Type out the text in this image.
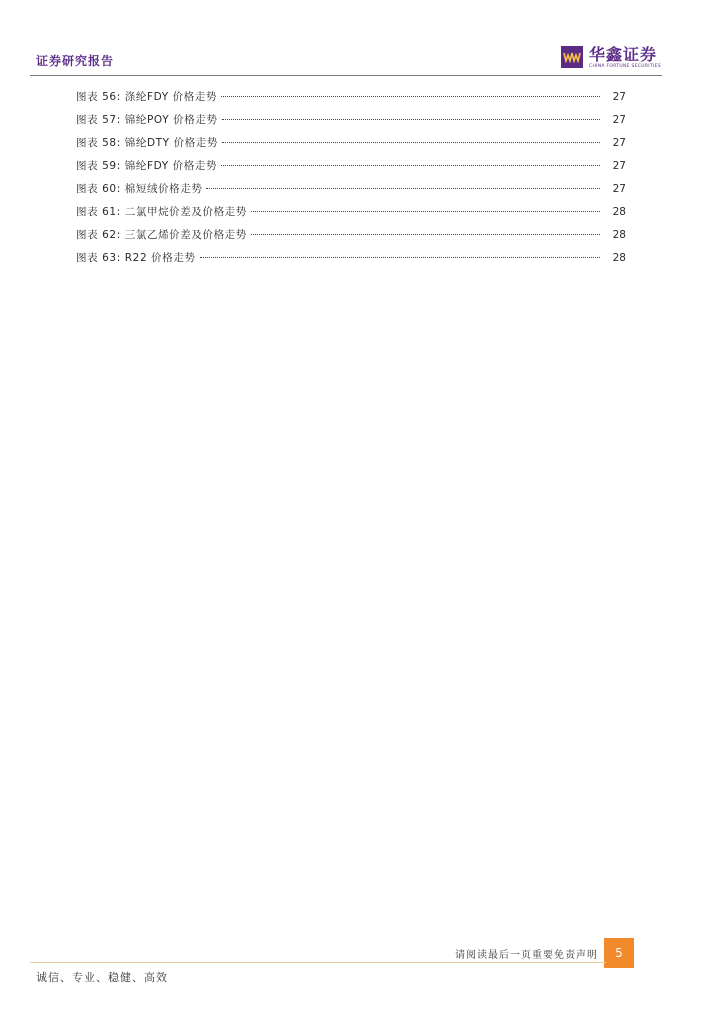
证券研究报告	华鑫证券
CHINA FORTUNE SECURITIES
图表 56: 涤纶FDY 价格走势	27
图表 57: 锦纶POY 价格走势	27
图表 58: 锦纶DTY 价格走势	27
图表 59: 锦纶FDY 价格走势	27
图表 60: 棉短绒价格走势	27
图表 61: 二氯甲烷价差及价格走势	28
图表 62: 三氯乙烯价差及价格走势	28
图表 63: R22 价格走势	28
请阅读最后一页重要免责声明	5
诚信、专业、稳健、高效
